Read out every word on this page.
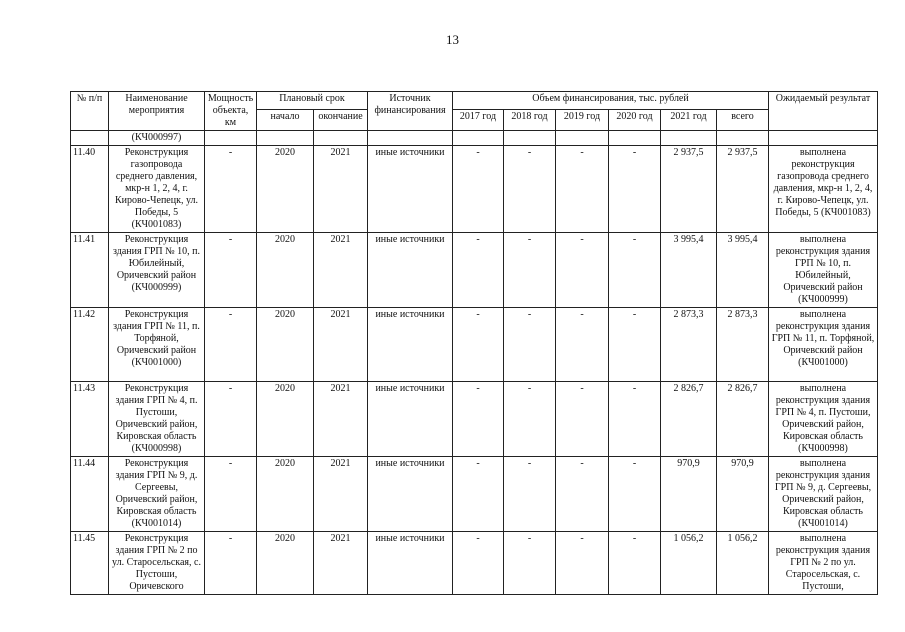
13
№ п/п	Наименование мероприятия	Мощность объекта, км	Плановый срок		Источник финансирования	Объем финансирования, тыс. рублей						Ожидаемый результат
			начало	окончание		2017 год	2018 год	2019 год	2020 год	2021 год	всего	
	(КЧ000997)											
11.40	Реконструкция газопровода среднего давления, мкр-н 1, 2, 4, г. Кирово-Чепецк, ул. Победы, 5 (КЧ001083)	-	2020	2021	иные источники	-	-	-	-	2 937,5	2 937,5	выполнена реконструкция газопровода среднего давления, мкр-н 1, 2, 4, г. Кирово-Чепецк, ул. Победы, 5 (КЧ001083)
11.41	Реконструкция здания ГРП № 10, п. Юбилейный, Оричевский район (КЧ000999)	-	2020	2021	иные источники	-	-	-	-	3 995,4	3 995,4	выполнена реконструкция здания ГРП № 10, п. Юбилейный, Оричевский район (КЧ000999)
11.42	Реконструкция здания ГРП № 11, п. Торфяной, Оричевский район (КЧ001000)	-	2020	2021	иные источники	-	-	-	-	2 873,3	2 873,3	выполнена реконструкция здания ГРП № 11, п. Торфяной, Оричевский район (КЧ001000)
11.43	Реконструкция здания ГРП № 4, п. Пустоши, Оричевский район, Кировская область (КЧ000998)	-	2020	2021	иные источники	-	-	-	-	2 826,7	2 826,7	выполнена реконструкция здания ГРП № 4, п. Пустоши, Оричевский район, Кировская область (КЧ000998)
11.44	Реконструкция здания ГРП № 9, д. Сергеевы, Оричевский район, Кировская область (КЧ001014)	-	2020	2021	иные источники	-	-	-	-	970,9	970,9	выполнена реконструкция здания ГРП № 9, д. Сергеевы, Оричевский район, Кировская область (КЧ001014)
11.45	Реконструкция здания ГРП № 2 по ул. Старосельская, с. Пустоши, Оричевского	-	2020	2021	иные источники	-	-	-	-	1 056,2	1 056,2	выполнена реконструкция здания ГРП № 2 по ул. Старосельская, с. Пустоши,
